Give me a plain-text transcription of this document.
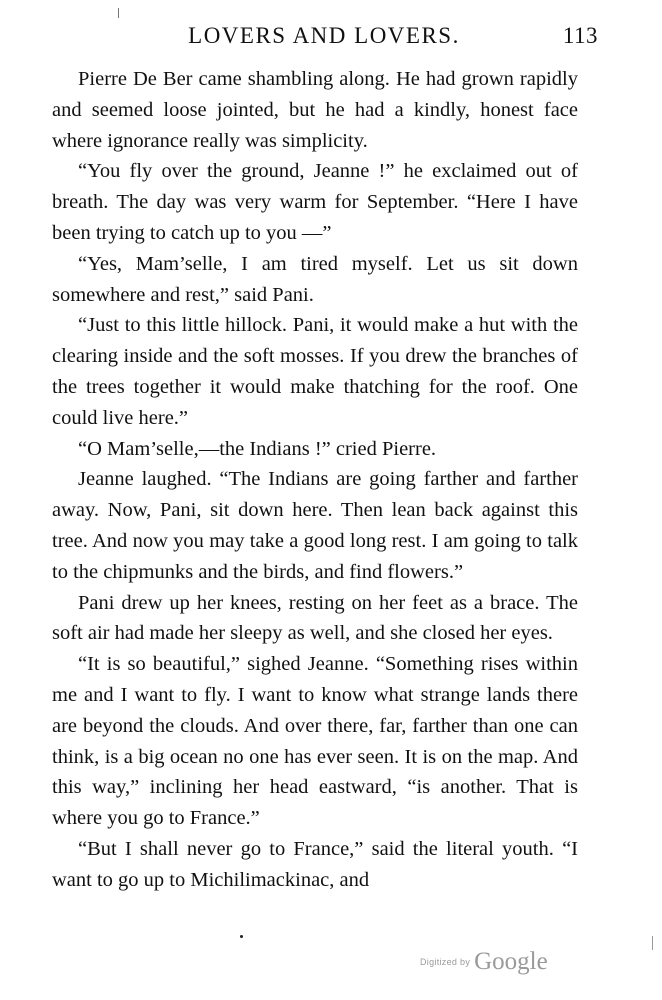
LOVERS AND LOVERS.	113

Pierre De Ber came shambling along. He had grown rapidly and seemed loose jointed, but he had a kindly, honest face where ignorance really was simplicity.

“You fly over the ground, Jeanne !” he exclaimed out of breath. The day was very warm for September. “Here I have been trying to catch up to you —”

“Yes, Mam’selle, I am tired myself. Let us sit down somewhere and rest,” said Pani.

“Just to this little hillock. Pani, it would make a hut with the clearing inside and the soft mosses. If you drew the branches of the trees together it would make thatching for the roof. One could live here.”

“O Mam’selle,—the Indians !” cried Pierre.

Jeanne laughed. “The Indians are going farther and farther away. Now, Pani, sit down here. Then lean back against this tree. And now you may take a good long rest. I am going to talk to the chipmunks and the birds, and find flowers.”

Pani drew up her knees, resting on her feet as a brace. The soft air had made her sleepy as well, and she closed her eyes.

“It is so beautiful,” sighed Jeanne. “Something rises within me and I want to fly. I want to know what strange lands there are beyond the clouds. And over there, far, farther than one can think, is a big ocean no one has ever seen. It is on the map. And this way,” inclining her head eastward, “is another. That is where you go to France.”

“But I shall never go to France,” said the literal youth. “I want to go up to Michilimackinac, and

Digitized by Google
